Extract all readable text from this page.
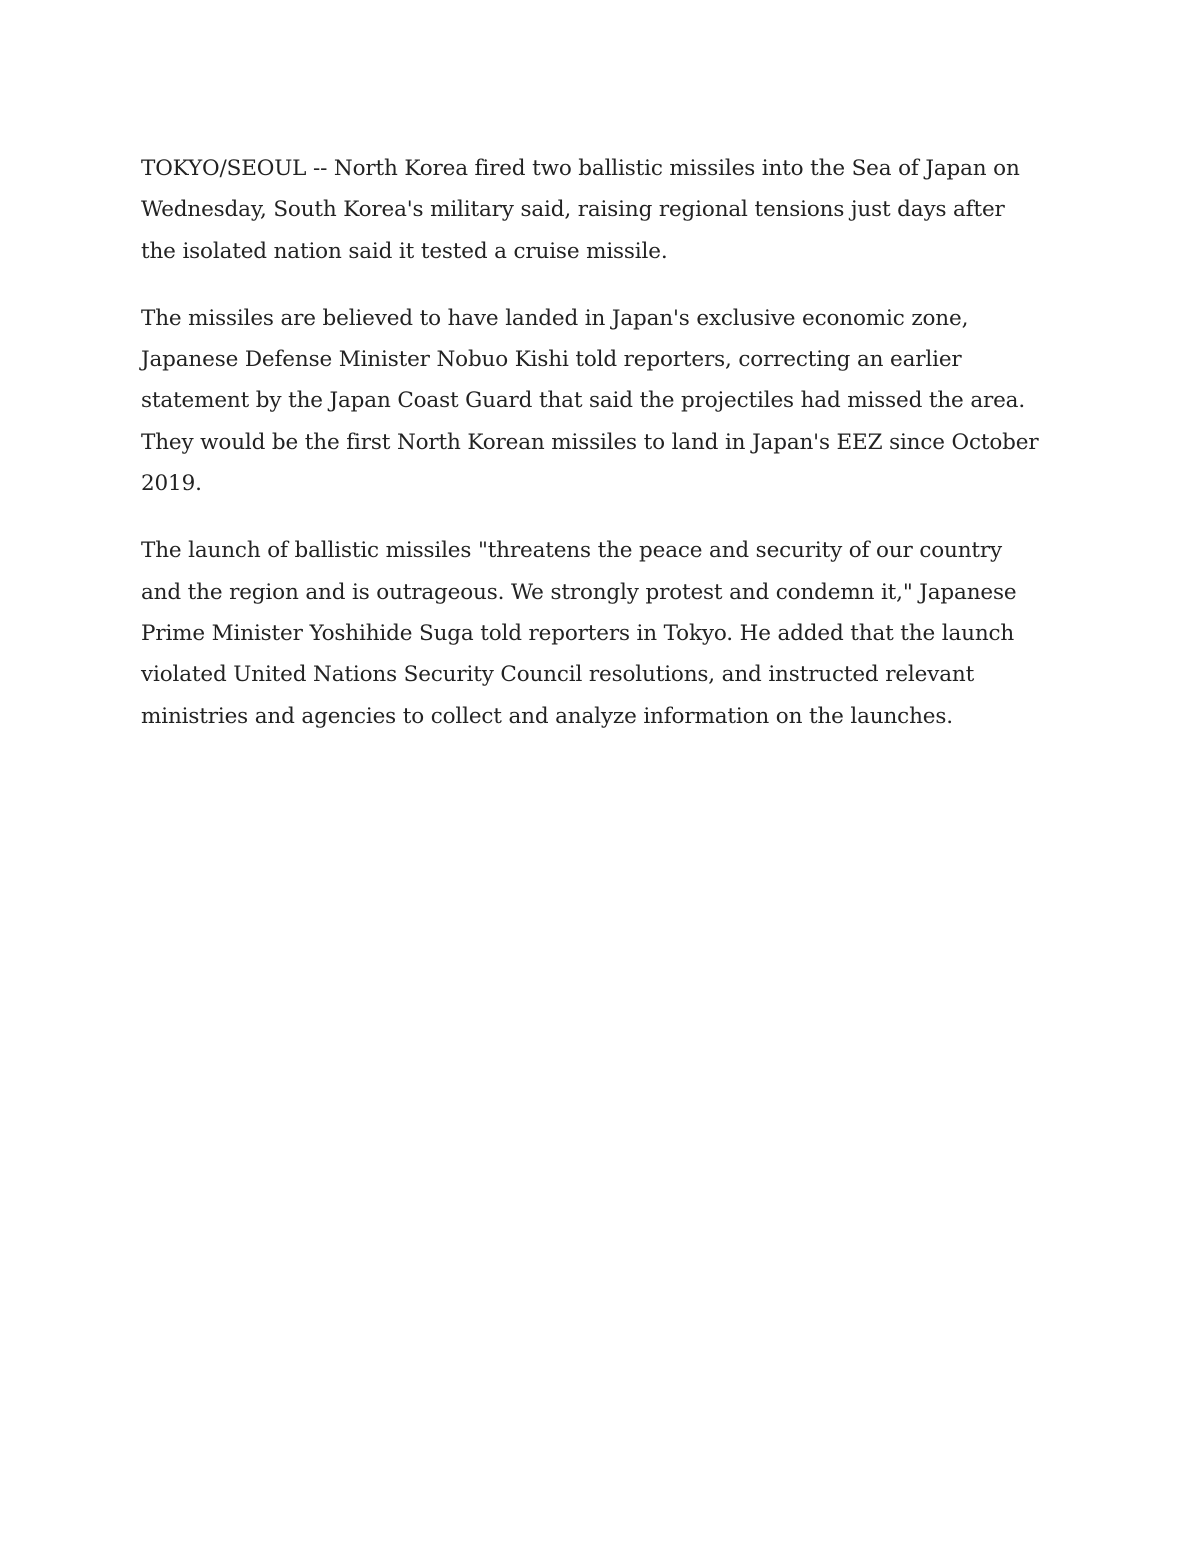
TOKYO/SEOUL -- North Korea fired two ballistic missiles into the Sea of Japan on Wednesday, South Korea's military said, raising regional tensions just days after the isolated nation said it tested a cruise missile.

The missiles are believed to have landed in Japan's exclusive economic zone, Japanese Defense Minister Nobuo Kishi told reporters, correcting an earlier statement by the Japan Coast Guard that said the projectiles had missed the area. They would be the first North Korean missiles to land in Japan's EEZ since October 2019.

The launch of ballistic missiles "threatens the peace and security of our country and the region and is outrageous. We strongly protest and condemn it," Japanese Prime Minister Yoshihide Suga told reporters in Tokyo. He added that the launch violated United Nations Security Council resolutions, and instructed relevant ministries and agencies to collect and analyze information on the launches.
